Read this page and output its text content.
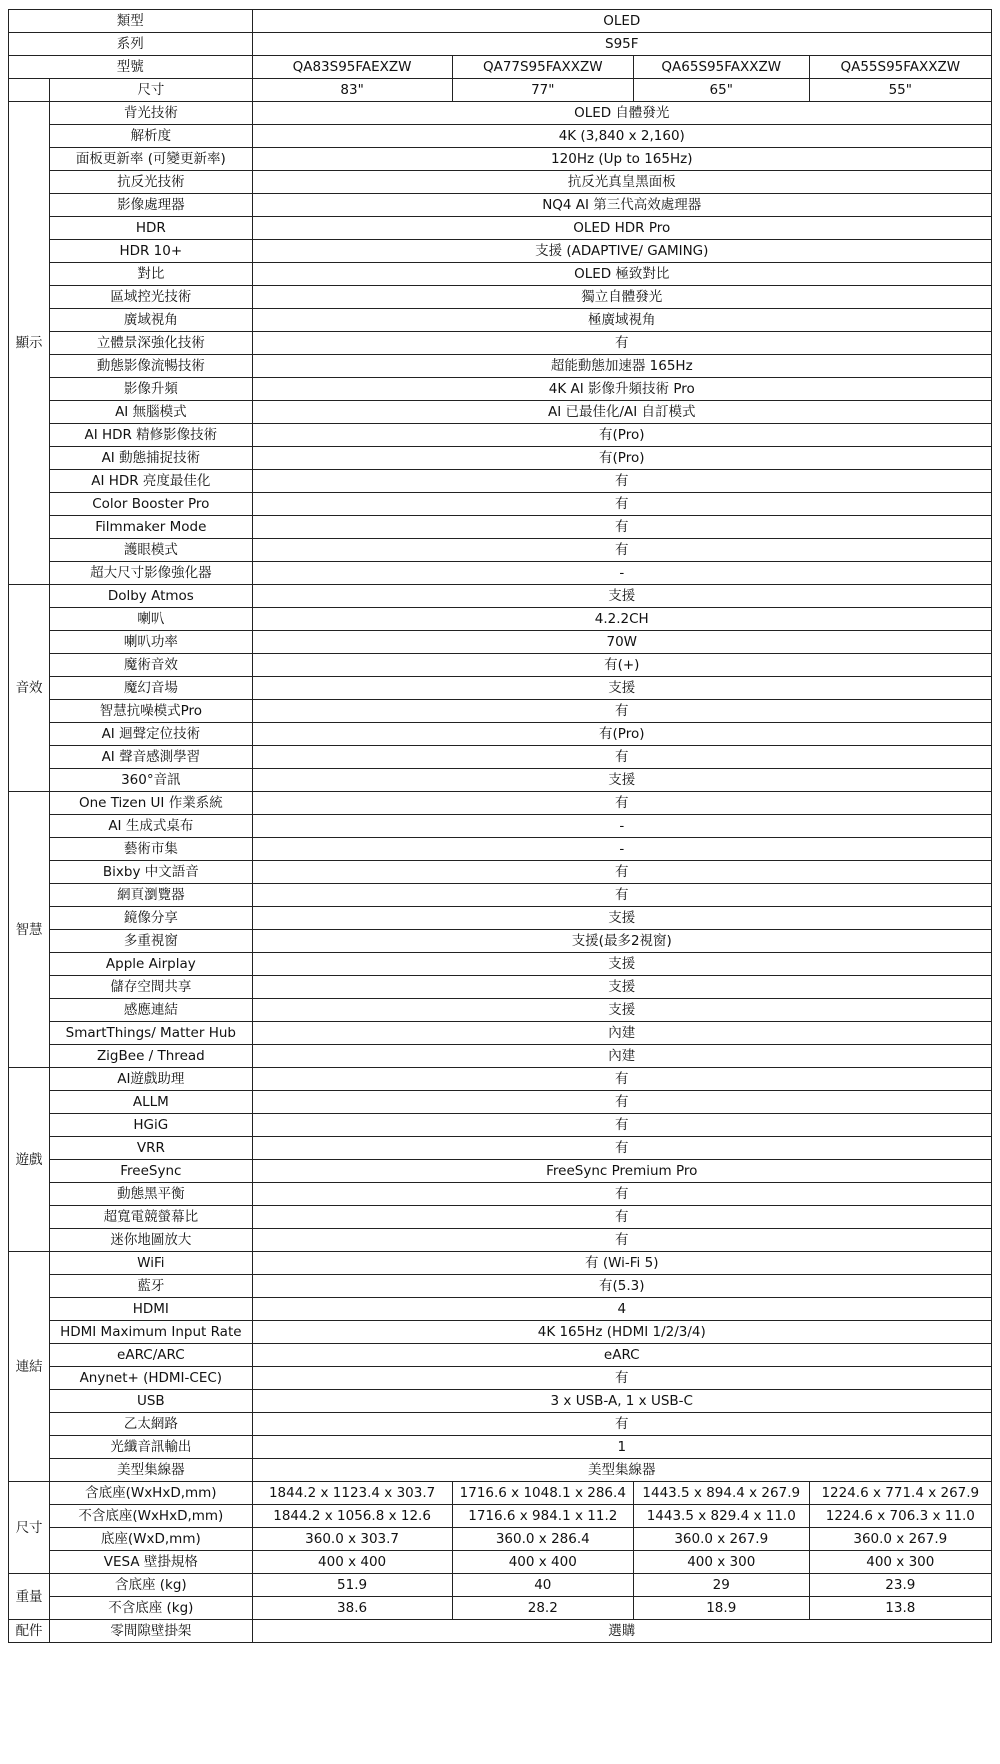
類型		OLED			
系列		S95F			
型號		QA83S95FAEXZW	QA77S95FAXXZW	QA65S95FAXXZW	QA55S95FAXXZW
	尺寸	83"	77"	65"	55"
顯示	背光技術	OLED 自體發光			
	解析度	4K (3,840 x 2,160)			
	面板更新率 (可變更新率)	120Hz (Up to 165Hz)			
	抗反光技術	抗反光真皇黑面板			
	影像處理器	NQ4 AI 第三代高效處理器			
	HDR	OLED HDR Pro			
	HDR 10+	支援 (ADAPTIVE/ GAMING)			
	對比	OLED 極致對比			
	區域控光技術	獨立自體發光			
	廣域視角	極廣域視角			
	立體景深強化技術	有			
	動態影像流暢技術	超能動態加速器 165Hz			
	影像升頻	4K AI 影像升頻技術 Pro			
	AI 無腦模式	AI 已最佳化/AI 自訂模式			
	AI HDR 精修影像技術	有(Pro)			
	AI 動態捕捉技術	有(Pro)			
	AI HDR 亮度最佳化	有			
	Color Booster Pro	有			
	Filmmaker Mode	有			
	護眼模式	有			
	超大尺寸影像強化器	-			
音效	Dolby Atmos	支援			
	喇叭	4.2.2CH			
	喇叭功率	70W			
	魔術音效	有(+)			
	魔幻音場	支援			
	智慧抗噪模式Pro	有			
	AI 迴聲定位技術	有(Pro)			
	AI 聲音感測學習	有			
	360°音訊	支援			
智慧	One Tizen UI 作業系統	有			
	AI 生成式桌布	-			
	藝術市集	-			
	Bixby 中文語音	有			
	網頁瀏覽器	有			
	鏡像分享	支援			
	多重視窗	支援(最多2視窗)			
	Apple Airplay	支援			
	儲存空間共享	支援			
	感應連結	支援			
	SmartThings/ Matter Hub	內建			
	ZigBee / Thread	內建			
遊戲	AI遊戲助理	有			
	ALLM	有			
	HGiG	有			
	VRR	有			
	FreeSync	FreeSync Premium Pro			
	動態黑平衡	有			
	超寬電競螢幕比	有			
	迷你地圖放大	有			
連結	WiFi	有 (Wi-Fi 5)			
	藍牙	有(5.3)			
	HDMI	4			
	HDMI Maximum Input Rate	4K 165Hz (HDMI 1/2/3/4)			
	eARC/ARC	eARC			
	Anynet+ (HDMI-CEC)	有			
	USB	3 x USB-A, 1 x USB-C			
	乙太網路	有			
	光纖音訊輸出	1			
	美型集線器	美型集線器			
尺寸	含底座(WxHxD,mm)	1844.2 x 1123.4 x 303.7	1716.6 x 1048.1 x 286.4	1443.5 x 894.4 x 267.9	1224.6 x 771.4 x 267.9
	不含底座(WxHxD,mm)	1844.2 x 1056.8 x 12.6	1716.6 x 984.1 x 11.2	1443.5 x 829.4 x 11.0	1224.6 x 706.3 x 11.0
	底座(WxD,mm)	360.0 x 303.7	360.0 x 286.4	360.0 x 267.9	360.0 x 267.9
	VESA 壁掛規格	400 x 400	400 x 400	400 x 300	400 x 300
重量	含底座 (kg)	51.9	40	29	23.9
	不含底座 (kg)	38.6	28.2	18.9	13.8
配件	零間隙壁掛架	選購			
